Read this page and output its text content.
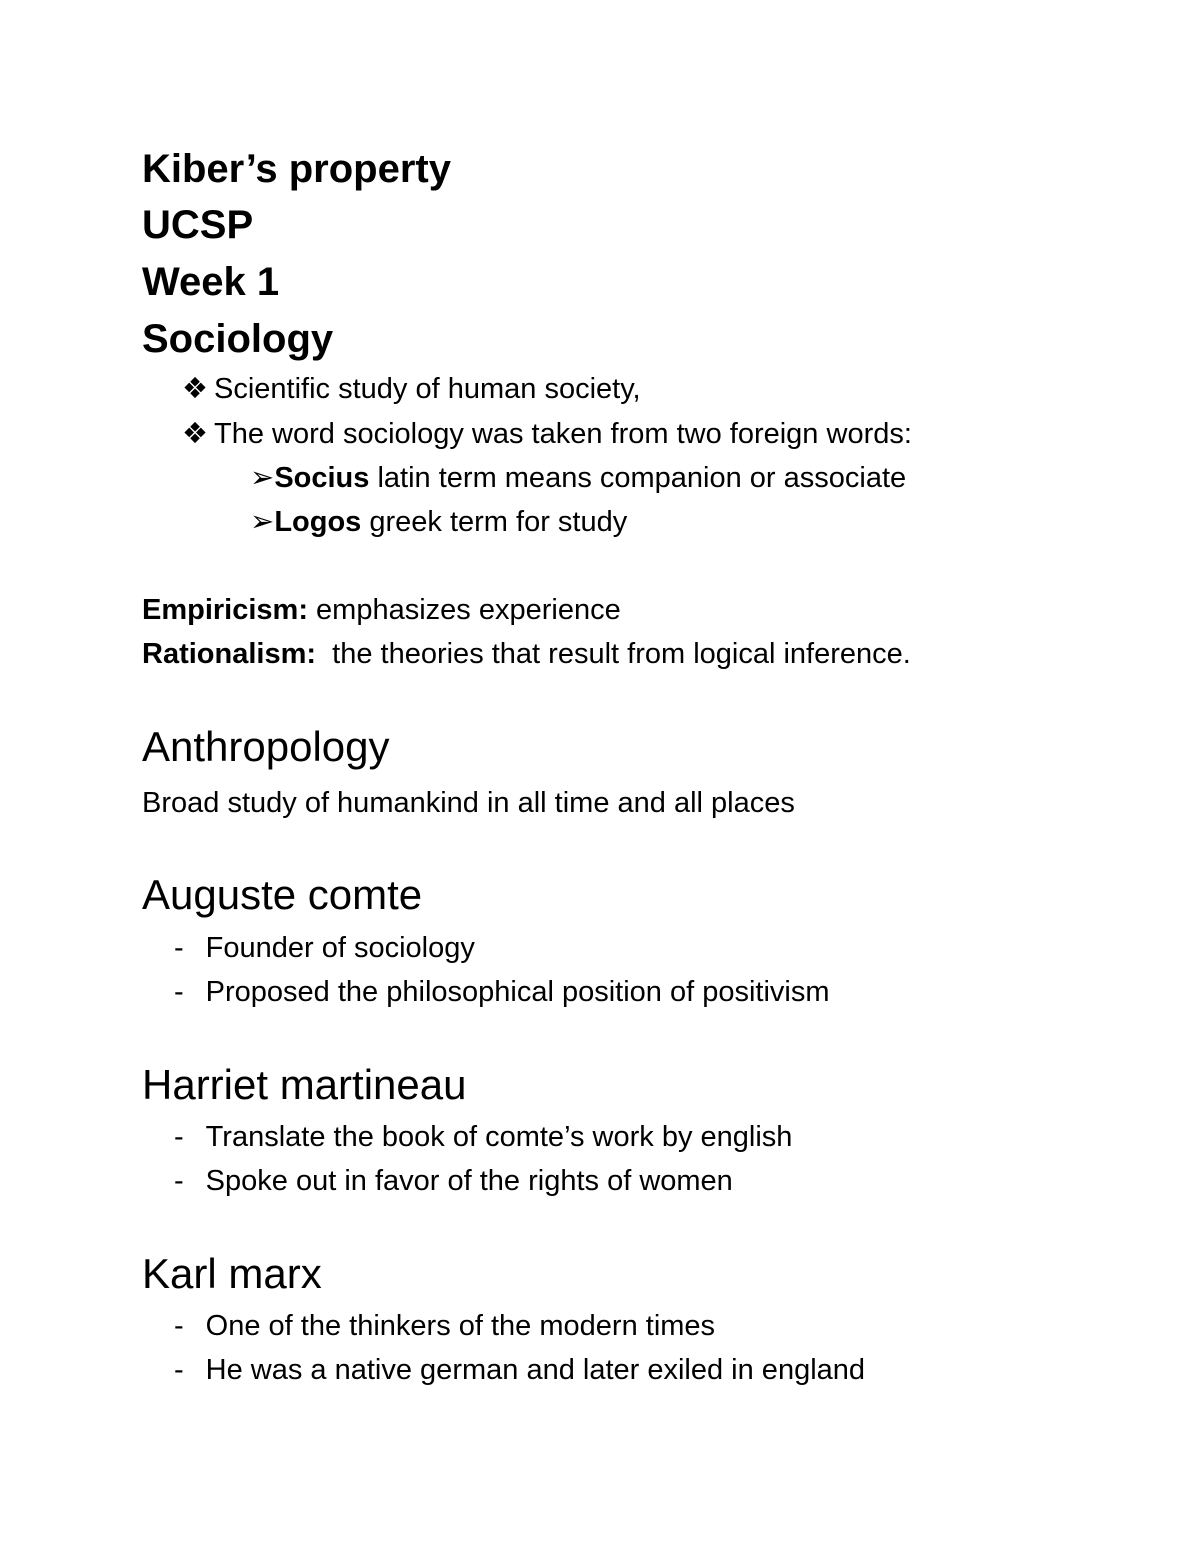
Kiber’s property
UCSP
Week 1
Sociology
❖ Scientific study of human society,
❖ The word sociology was taken from two foreign words:
➢Socius latin term means companion or associate
➢Logos greek term for study
Empiricism: emphasizes experience
Rationalism:  the theories that result from logical inference.
Anthropology
Broad study of humankind in all time and all places
Auguste comte
- Founder of sociology
- Proposed the philosophical position of positivism
Harriet martineau
- Translate the book of comte’s work by english
- Spoke out in favor of the rights of women
Karl marx
- One of the thinkers of the modern times
- He was a native german and later exiled in england
